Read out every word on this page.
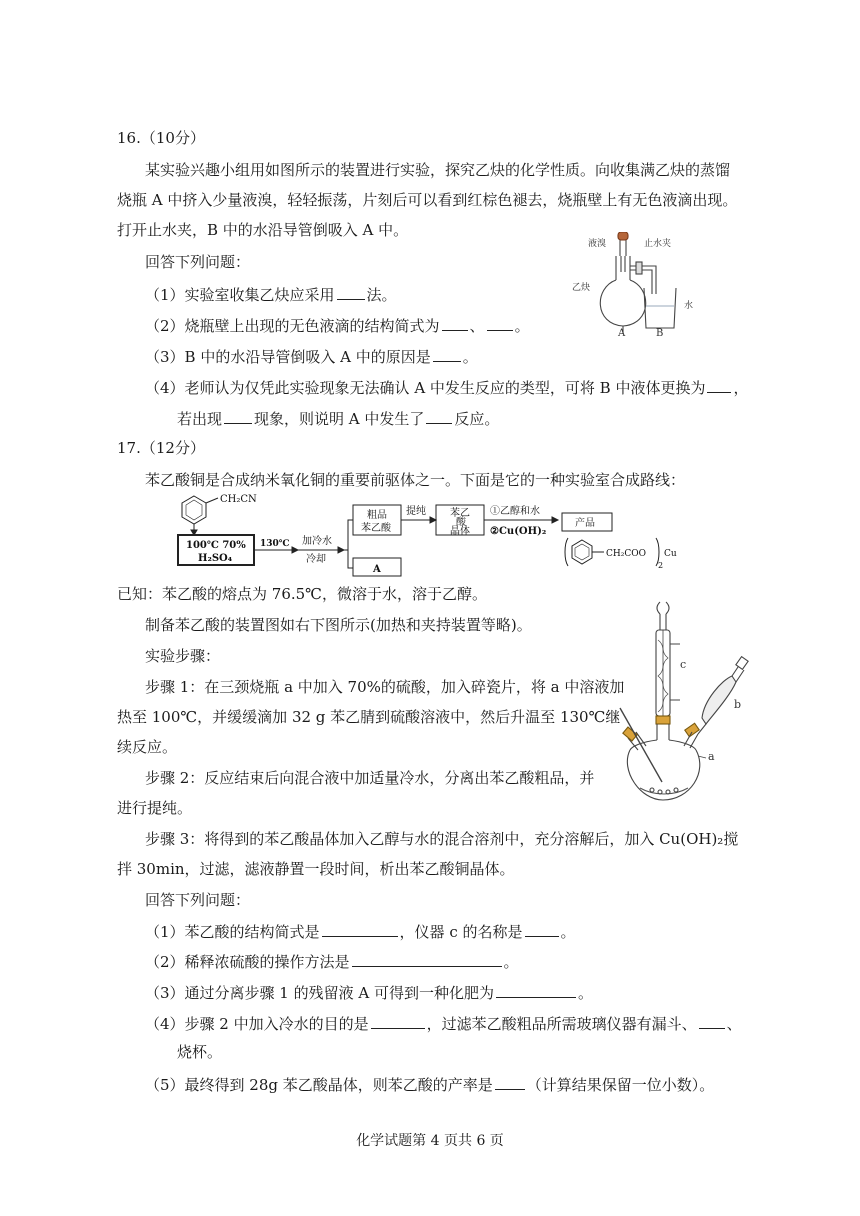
16.（10分）
某实验兴趣小组用如图所示的装置进行实验，探究乙炔的化学性质。向收集满乙炔的蒸馏
烧瓶 A 中挤入少量液溴，轻轻振荡，片刻后可以看到红棕色褪去，烧瓶壁上有无色液滴出现。
打开止水夹，B 中的水沿导管倒吸入 A 中。
回答下列问题：
（1）实验室收集乙炔应采用 法。
（2）烧瓶壁上出现的无色液滴的结构简式为 、 。
（3）B 中的水沿导管倒吸入 A 中的原因是 。
（4）老师认为仅凭此实验现象无法确认 A 中发生反应的类型，可将 B 中液体更换为 ，
若出现 现象，则说明 A 中发生了 反应。
液溴	止水夹
乙炔
水
A	B
17.（12分）
苯乙酸铜是合成纳米氧化铜的重要前驱体之一。下面是它的一种实验室合成路线：
CH₂CN
100℃ 70%
H₂SO₄
130℃ 加冷水
冷却
粗品
苯乙酸
A
提纯 苯乙
酸
晶体
①乙醇和水
②Cu(OH)₂
产品
CH₂COO
2
Cu
已知：苯乙酸的熔点为 76.5℃，微溶于水，溶于乙醇。
制备苯乙酸的装置图如右下图所示(加热和夹持装置等略)。
实验步骤：
步骤 1：在三颈烧瓶 a 中加入 70%的硫酸，加入碎瓷片，将 a 中溶液加
热至 100℃，并缓缓滴加 32 g 苯乙腈到硫酸溶液中，然后升温至 130℃继
续反应。
步骤 2：反应结束后向混合液中加适量冷水，分离出苯乙酸粗品，并
进行提纯。
步骤 3：将得到的苯乙酸晶体加入乙醇与水的混合溶剂中，充分溶解后，加入 Cu(OH)₂搅
拌 30min，过滤，滤液静置一段时间，析出苯乙酸铜晶体。
回答下列问题：
（1）苯乙酸的结构简式是	，仪器 c 的名称是	。
（2）稀释浓硫酸的操作方法是	。
（3）通过分离步骤 1 的残留液 A 可得到一种化肥为	。
（4）步骤 2 中加入冷水的目的是	，过滤苯乙酸粗品所需玻璃仪器有漏斗、 、
烧杯。
（5）最终得到 28g 苯乙酸晶体，则苯乙酸的产率是 （计算结果保留一位小数）。
c
b
a
化学试题第 4 页共 6 页
